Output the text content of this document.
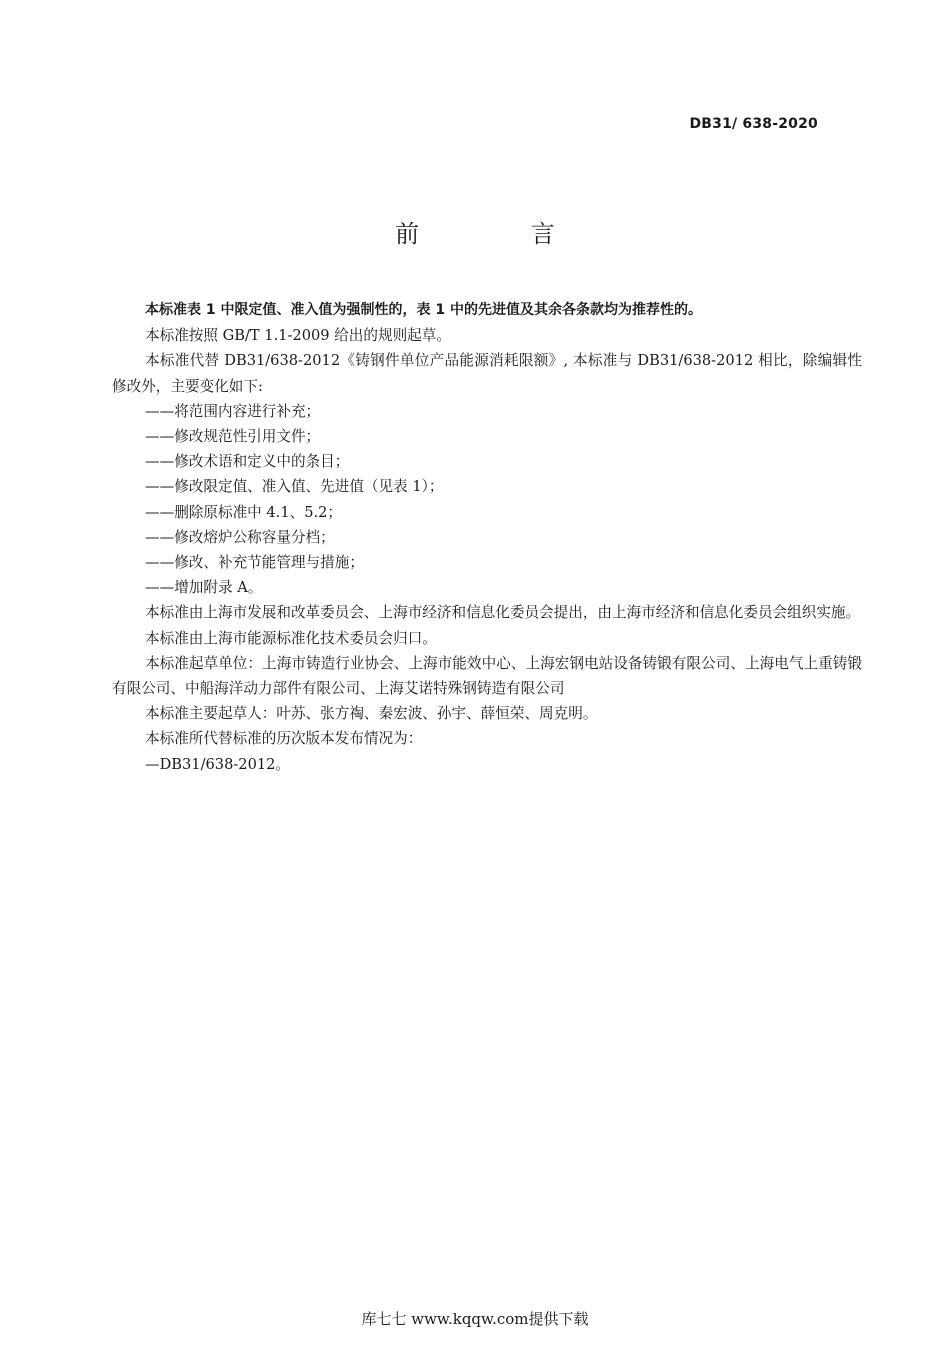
DB31/ 638-2020
前 言

本标准表 1 中限定值、准入值为强制性的，表 1 中的先进值及其余各条款均为推荐性的。

本标准按照 GB/T 1.1-2009 给出的规则起草。

本标准代替 DB31/638-2012《铸钢件单位产品能源消耗限额》, 本标准与 DB31/638-2012 相比，除编辑性修改外，主要变化如下:

——将范围内容进行补充；

——修改规范性引用文件；

——修改术语和定义中的条目；

——修改限定值、准入值、先进值（见表 1）；

——删除原标准中 4.1、5.2；

——修改熔炉公称容量分档；

——修改、补充节能管理与措施；

——增加附录 A。

本标准由上海市发展和改革委员会、上海市经济和信息化委员会提出，由上海市经济和信息化委员会组织实施。

本标准由上海市能源标准化技术委员会归口。

本标准起草单位：上海市铸造行业协会、上海市能效中心、上海宏钢电站设备铸锻有限公司、上海电气上重铸锻有限公司、中船海洋动力部件有限公司、上海艾诺特殊钢铸造有限公司

本标准主要起草人：叶苏、张方祹、秦宏波、孙宇、薛恒荣、周克明。

本标准所代替标准的历次版本发布情况为：

—DB31/638-2012。

库七七 www.kqqw.com提供下载
